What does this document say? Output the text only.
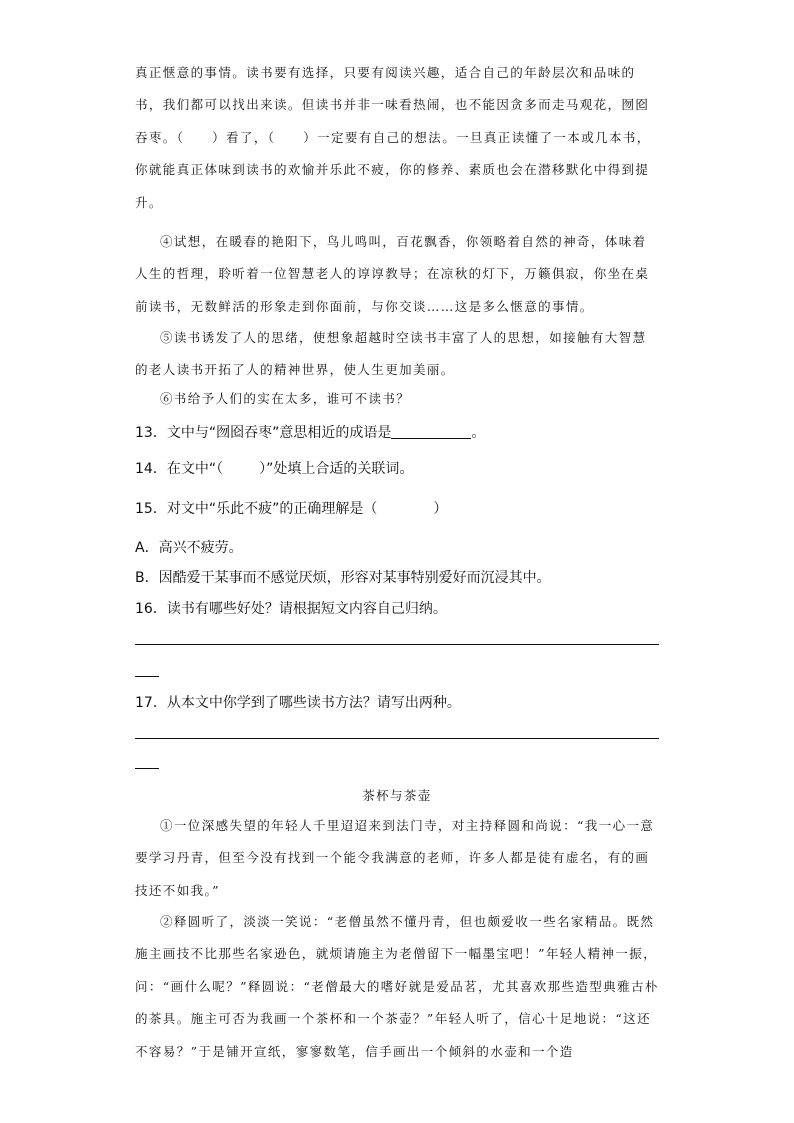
真正惬意的事情。读书要有选择，只要有阅读兴趣，适合自己的年龄层次和品味的书，我们都可以找出来读。但读书并非一味看热闹，也不能因贪多而走马观花，囫囵吞枣。（　　）看了，（　　）一定要有自己的想法。一旦真正读懂了一本或几本书，你就能真正体味到读书的欢愉并乐此不疲，你的修养、素质也会在潜移默化中得到提升。

④试想，在暖春的艳阳下，鸟儿鸣叫，百花飘香，你领略着自然的神奇，体味着人生的哲理，聆听着一位智慧老人的谆谆教导；在凉秋的灯下，万籁俱寂，你坐在桌前读书，无数鲜活的形象走到你面前，与你交谈……这是多么惬意的事情。

⑤读书诱发了人的思绪，使想象超越时空读书丰富了人的思想，如接触有大智慧的老人读书开拓了人的精神世界，使人生更加美丽。

⑥书给予人们的实在太多，谁可不读书？

13．文中与“囫囵吞枣”意思相近的成语是	。

14．在文中“（	）”处填上合适的关联词。

15．对文中“乐此不疲”的正确理解是（	）

A．高兴不疲劳。

B．因酷爱干某事而不感觉厌烦，形容对某事特别爱好而沉浸其中。

16．读书有哪些好处？请根据短文内容自己归纳。

17．从本文中你学到了哪些读书方法？请写出两种。

茶杯与茶壶

①一位深感失望的年轻人千里迢迢来到法门寺，对主持释圆和尚说：“我一心一意要学习丹青，但至今没有找到一个能令我满意的老师，许多人都是徒有虚名，有的画技还不如我。”

②释圆听了，淡淡一笑说：“老僧虽然不懂丹青，但也颇爱收一些名家精品。既然施主画技不比那些名家逊色，就烦请施主为老僧留下一幅墨宝吧！”年轻人精神一振，问：“画什么呢？”释圆说：“老僧最大的嗜好就是爱品茗，尤其喜欢那些造型典雅古朴的茶具。施主可否为我画一个茶杯和一个茶壶？”年轻人听了，信心十足地说：“这还不容易？”于是铺开宣纸，寥寥数笔，信手画出一个倾斜的水壶和一个造
